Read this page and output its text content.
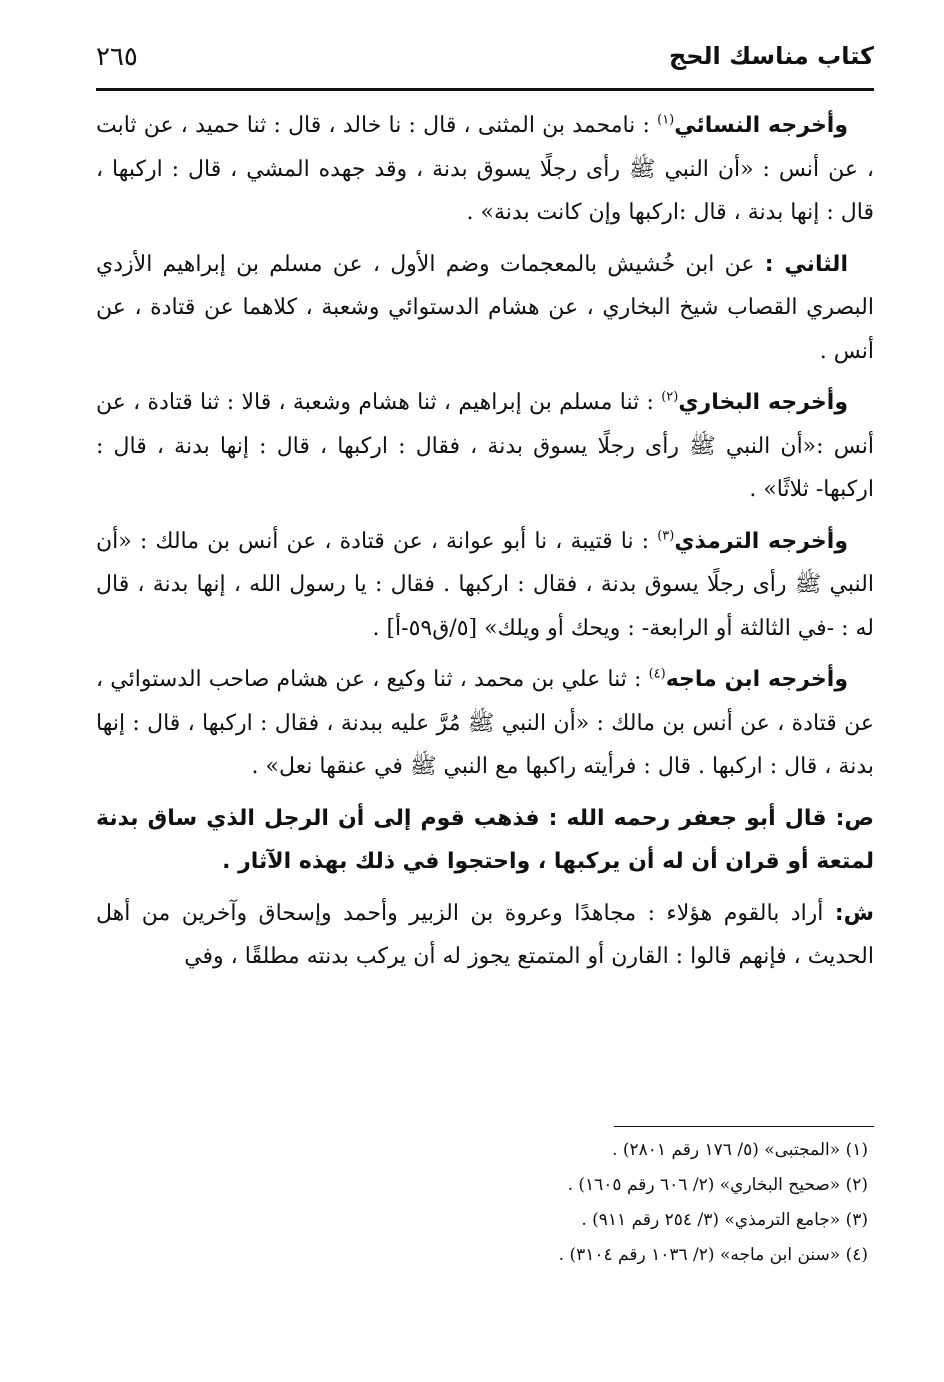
كتاب مناسك الحج
٢٦٥

وأخرجه النسائي$^{(١)}$ : نامحمد بن المثنى ، قال : نا خالد ، قال : ثنا حميد ، عن ثابت ، عن أنس : «أن النبي ﷺ رأى رجلًا يسوق بدنة ، وقد جهده المشي ، قال : اركبها ، قال : إنها بدنة ، قال :اركبها وإن كانت بدنة» .

الثاني : عن ابن خُشيش بالمعجمات وضم الأول ، عن مسلم بن إبراهيم الأزدي البصري القصاب شيخ البخاري ، عن هشام الدستوائي وشعبة ، كلاهما عن قتادة ، عن أنس .

وأخرجه البخاري$^{(٢)}$ : ثنا مسلم بن إبراهيم ، ثنا هشام وشعبة ، قالا : ثنا قتادة ، عن أنس :«أن النبي ﷺ رأى رجلًا يسوق بدنة ، فقال : اركبها ، قال : إنها بدنة ، قال : اركبها- ثلاثًا» .

وأخرجه الترمذي$^{(٣)}$ : نا قتيبة ، نا أبو عوانة ، عن قتادة ، عن أنس بن مالك : «أن النبي ﷺ رأى رجلًا يسوق بدنة ، فقال : اركبها . فقال : يا رسول الله ، إنها بدنة ، قال له : -في الثالثة أو الرابعة- : ويحك أو ويلك» [٥/ق٥٩-أ] .

وأخرجه ابن ماجه$^{(٤)}$ : ثنا علي بن محمد ، ثنا وكيع ، عن هشام صاحب الدستوائي ، عن قتادة ، عن أنس بن مالك : «أن النبي ﷺ مُرَّ عليه ببدنة ، فقال : اركبها ، قال : إنها بدنة ، قال : اركبها . قال : فرأيته راكبها مع النبي ﷺ في عنقها نعل» .

ص: قال أبو جعفر رحمه الله : فذهب قوم إلى أن الرجل الذي ساق بدنة لمتعة أو قران أن له أن يركبها ، واحتجوا في ذلك بهذه الآثار .

ش: أراد بالقوم هؤلاء : مجاهدًا وعروة بن الزبير وأحمد وإسحاق وآخرين من أهل الحديث ، فإنهم قالوا : القارن أو المتمتع يجوز له أن يركب بدنته مطلقًا ، وفي

(١) «المجتبى» (٥/ ١٧٦ رقم ٢٨٠١) .

(٢) «صحيح البخاري» (٢/ ٦٠٦ رقم ١٦٠٥) .

(٣) «جامع الترمذي» (٣/ ٢٥٤ رقم ٩١١) .

(٤) «سنن ابن ماجه» (٢/ ١٠٣٦ رقم ٣١٠٤) .
